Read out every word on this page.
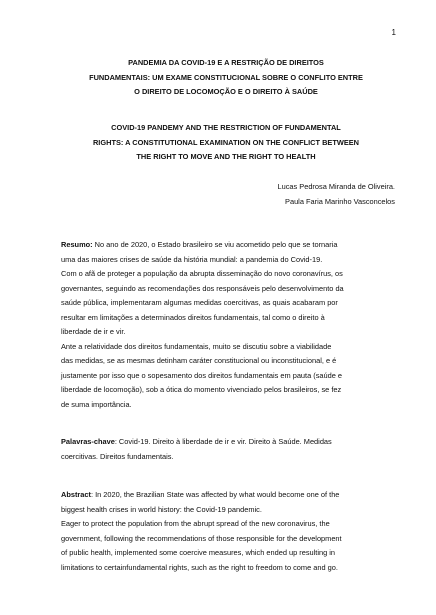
1
PANDEMIA DA COVID-19 E A RESTRIÇÃO DE DIREITOS
FUNDAMENTAIS: UM EXAME CONSTITUCIONAL SOBRE O CONFLITO ENTRE
O DIREITO DE LOCOMOÇÃO E O DIREITO À SAÚDE
COVID-19 PANDEMY AND THE RESTRICTION OF FUNDAMENTAL
RIGHTS: A CONSTITUTIONAL EXAMINATION ON THE CONFLICT BETWEEN
THE RIGHT TO MOVE AND THE RIGHT TO HEALTH
Lucas Pedrosa Miranda de Oliveira.
Paula Faria Marinho Vasconcelos

Resumo: No ano de 2020, o Estado brasileiro se viu acometido pelo que se tornaria

uma das maiores crises de saúde da história mundial: a pandemia do Covid-19.

Com o afã de proteger a população da abrupta disseminação do novo coronavírus, os

governantes, seguindo as recomendações dos responsáveis pelo desenvolvimento da

saúde pública, implementaram algumas medidas coercitivas, as quais acabaram por

resultar em limitações a determinados direitos fundamentais, tal como o direito à

liberdade de ir e vir.

Ante a relatividade dos direitos fundamentais, muito se discutiu sobre a viabilidade

das medidas, se as mesmas detinham caráter constitucional ou inconstitucional, e é

justamente por isso que o sopesamento dos direitos fundamentais em pauta (saúde e

liberdade de locomoção), sob a ótica do momento vivenciado pelos brasileiros, se fez

de suma importância.

Palavras-chave: Covid-19. Direito à liberdade de ir e vir. Direito à Saúde. Medidas

coercitivas. Direitos fundamentais.

Abstract: In 2020, the Brazilian State was affected by what would become one of the

biggest health crises in world history: the Covid-19 pandemic.

Eager to protect the population from the abrupt spread of the new coronavirus, the

government, following the recommendations of those responsible for the development

of public health, implemented some coercive measures, which ended up resulting in

limitations to certainfundamental rights, such as the right to freedom to come and go.
